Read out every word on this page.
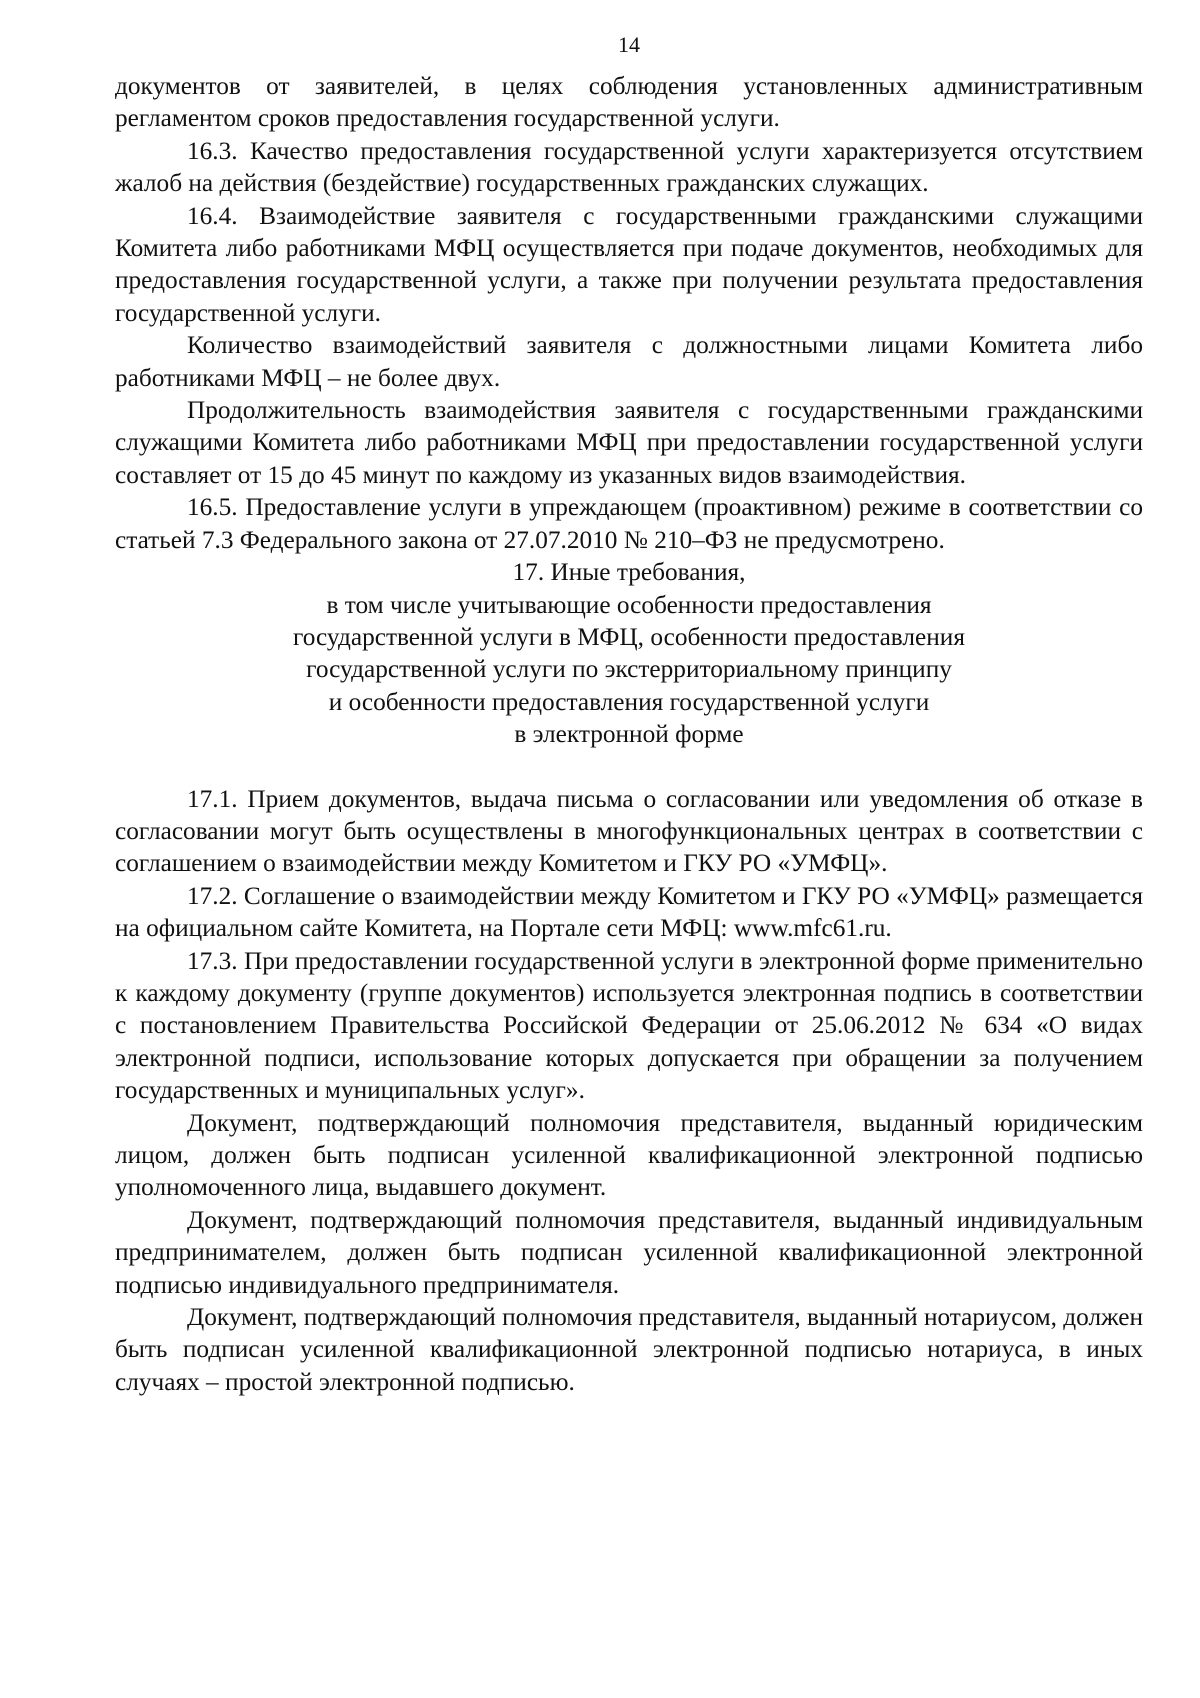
14

документов от заявителей, в целях соблюдения установленных административным регламентом сроков предоставления государственной услуги.

16.3. Качество предоставления государственной услуги характеризуется отсутствием жалоб на действия (бездействие) государственных гражданских служащих.

16.4. Взаимодействие заявителя с государственными гражданскими служащими Комитета либо работниками МФЦ осуществляется при подаче документов, необходимых для предоставления государственной услуги, а также при получении результата предоставления государственной услуги.

Количество взаимодействий заявителя с должностными лицами Комитета либо работниками МФЦ – не более двух.

Продолжительность взаимодействия заявителя с государственными гражданскими служащими Комитета либо работниками МФЦ при предоставлении государственной услуги составляет от 15 до 45 минут по каждому из указанных видов взаимодействия.

16.5. Предоставление услуги в упреждающем (проактивном) режиме в соответствии со статьей 7.3 Федерального закона от 27.07.2010 № 210–ФЗ не предусмотрено.

17. Иные требования,
в том числе учитывающие особенности предоставления
государственной услуги в МФЦ, особенности предоставления
государственной услуги по экстерриториальному принципу
и особенности предоставления государственной услуги
в электронной форме

17.1. Прием документов, выдача письма о согласовании или уведомления об отказе в согласовании могут быть осуществлены в многофункциональных центрах в соответствии с соглашением о взаимодействии между Комитетом и ГКУ РО «УМФЦ».

17.2. Соглашение о взаимодействии между Комитетом и ГКУ РО «УМФЦ» размещается на официальном сайте Комитета, на Портале сети МФЦ: www.mfc61.ru.

17.3. При предоставлении государственной услуги в электронной форме применительно к каждому документу (группе документов) используется электронная подпись в соответствии с постановлением Правительства Российской Федерации от 25.06.2012 № 634 «О видах электронной подписи, использование которых допускается при обращении за получением государственных и муниципальных услуг».

Документ, подтверждающий полномочия представителя, выданный юридическим лицом, должен быть подписан усиленной квалификационной электронной подписью уполномоченного лица, выдавшего документ.

Документ, подтверждающий полномочия представителя, выданный индивидуальным предпринимателем, должен быть подписан усиленной квалификационной электронной подписью индивидуального предпринимателя.

Документ, подтверждающий полномочия представителя, выданный нотариусом, должен быть подписан усиленной квалификационной электронной подписью нотариуса, в иных случаях – простой электронной подписью.
